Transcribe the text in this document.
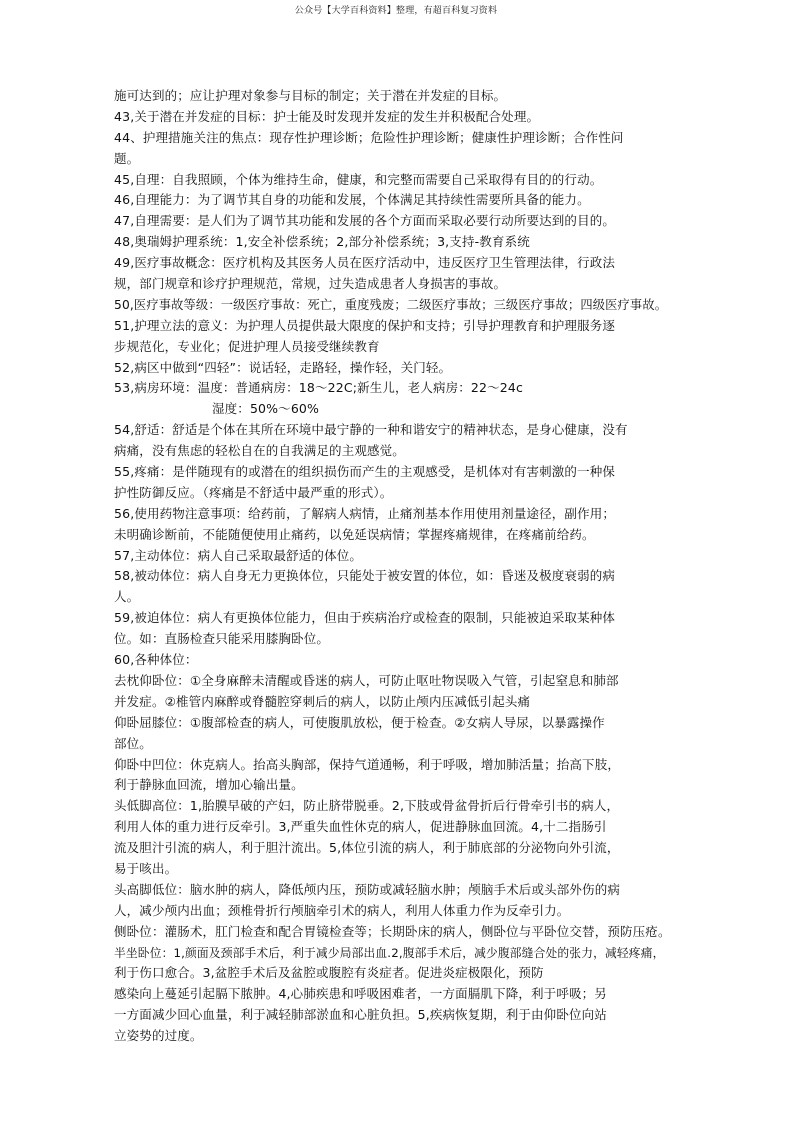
公众号【大学百科资料】整理，有超百科复习资料
施可达到的；应让护理对象参与目标的制定；关于潜在并发症的目标。
43,关于潜在并发症的目标：护士能及时发现并发症的发生并积极配合处理。
44、护理措施关注的焦点：现存性护理诊断；危险性护理诊断；健康性护理诊断；合作性问
题。
45,自理：自我照顾，个体为维持生命，健康，和完整而需要自己采取得有目的的行动。
46,自理能力：为了调节其自身的功能和发展，个体满足其持续性需要所具备的能力。
47,自理需要：是人们为了调节其功能和发展的各个方面而采取必要行动所要达到的目的。
48,奥瑞姆护理系统：1,安全补偿系统；2,部分补偿系统；3,支持-教育系统
49,医疗事故概念：医疗机构及其医务人员在医疗活动中，违反医疗卫生管理法律，行政法
规，部门规章和诊疗护理规范，常规，过失造成患者人身损害的事故。
50,医疗事故等级：一级医疗事故：死亡，重度残废；二级医疗事故；三级医疗事故；四级医疗事故。
51,护理立法的意义：为护理人员提供最大限度的保护和支持；引导护理教育和护理服务逐
步规范化，专业化；促进护理人员接受继续教育
52,病区中做到“四轻”：说话轻，走路轻，操作轻，关门轻。
53,病房环境：温度：普通病房：18～22C;新生儿，老人病房：22～24c
湿度：50%～60%
54,舒适：舒适是个体在其所在环境中最宁静的一种和谐安宁的精神状态，是身心健康，没有
病痛，没有焦虑的轻松自在的自我满足的主观感觉。
55,疼痛：是伴随现有的或潜在的组织损伤而产生的主观感受，是机体对有害刺激的一种保
护性防御反应。（疼痛是不舒适中最严重的形式）。
56,使用药物注意事项：给药前，了解病人病情，止痛剂基本作用使用剂量途径，副作用；
未明确诊断前，不能随便使用止痛药，以免延误病情；掌握疼痛规律，在疼痛前给药。
57,主动体位：病人自己采取最舒适的体位。
58,被动体位：病人自身无力更换体位，只能处于被安置的体位，如：昏迷及极度衰弱的病
人。
59,被迫体位：病人有更换体位能力，但由于疾病治疗或检查的限制，只能被迫采取某种体
位。如：直肠检查只能采用膝胸卧位。
60,各种体位：
去枕仰卧位：①全身麻醉未清醒或昏迷的病人，可防止呕吐物误吸入气管，引起窒息和肺部
并发症。②椎管内麻醉或脊髓腔穿刺后的病人，以防止颅内压减低引起头痛
仰卧屈膝位：①腹部检查的病人，可使腹肌放松，便于检查。②女病人导尿，以暴露操作
部位。
仰卧中凹位：休克病人。抬高头胸部，保持气道通畅，利于呼吸，增加肺活量；抬高下肢，
利于静脉血回流，增加心输出量。
头低脚高位：1,胎膜早破的产妇，防止脐带脱垂。2,下肢或骨盆骨折后行骨牵引书的病人，
利用人体的重力进行反牵引。3,严重失血性休克的病人，促进静脉血回流。4,十二指肠引
流及胆汁引流的病人，利于胆汁流出。5,体位引流的病人，利于肺底部的分泌物向外引流，
易于咳出。
头高脚低位：脑水肿的病人，降低颅内压，预防或减轻脑水肿；颅脑手术后或头部外伤的病
人，减少颅内出血；颈椎骨折行颅脑牵引术的病人，利用人体重力作为反牵引力。
侧卧位：灌肠术，肛门检查和配合胃镜检查等；长期卧床的病人，侧卧位与平卧位交替，预防压疮。
半坐卧位：1,颜面及颈部手术后，利于减少局部出血.2,腹部手术后，减少腹部缝合处的张力，减轻疼痛，
利于伤口愈合。3,盆腔手术后及盆腔或腹腔有炎症者。促进炎症极限化，预防
感染向上蔓延引起膈下脓肿。4,心肺疾患和呼吸困难者，一方面膈肌下降，利于呼吸；另
一方面减少回心血量，利于减轻肺部淤血和心脏负担。5,疾病恢复期，利于由仰卧位向站
立姿势的过度。
